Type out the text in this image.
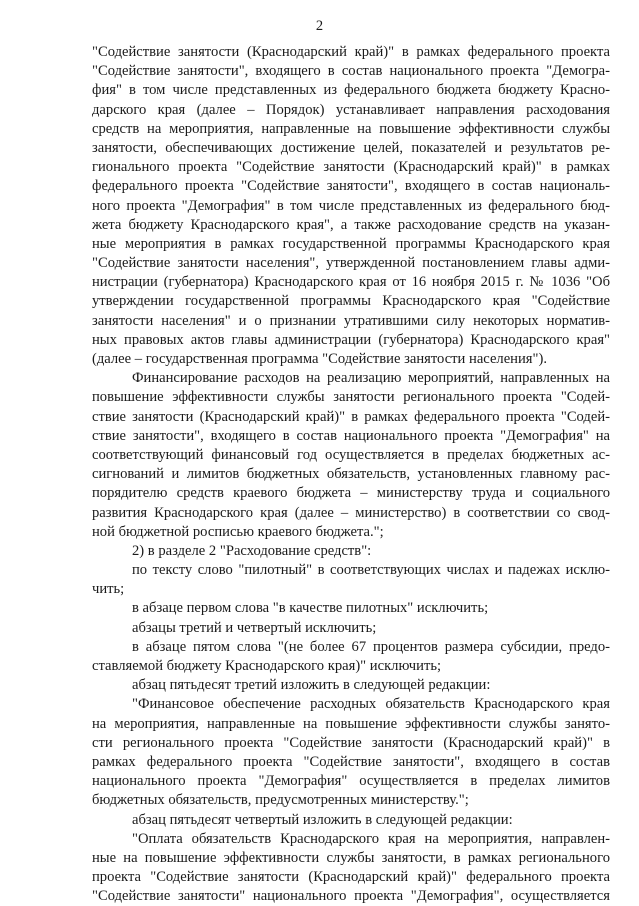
2
"Содействие занятости (Краснодарский край)" в рамках федерального проекта
"Содействие занятости", входящего в состав национального проекта "Демогра-
фия" в том числе представленных из федерального бюджета бюджету Красно-
дарского края (далее – Порядок) устанавливает направления расходования
средств на мероприятия, направленные на повышение эффективности службы
занятости, обеспечивающих достижение целей, показателей и результатов ре-
гионального проекта "Содействие занятости (Краснодарский край)" в рамках
федерального проекта "Содействие занятости", входящего в состав националь-
ного проекта "Демография" в том числе представленных из федерального бюд-
жета бюджету Краснодарского края", а также расходование средств на указан-
ные мероприятия в рамках государственной программы Краснодарского края
"Содействие занятости населения", утвержденной постановлением главы адми-
нистрации (губернатора) Краснодарского края от 16 ноября 2015 г. № 1036 "Об
утверждении государственной программы Краснодарского края "Содействие
занятости населения" и о признании утратившими силу некоторых норматив-
ных правовых актов главы администрации (губернатора) Краснодарского края"
(далее – государственная программа "Содействие занятости населения").
Финансирование расходов на реализацию мероприятий, направленных на
повышение эффективности службы занятости регионального проекта "Содей-
ствие занятости (Краснодарский край)" в рамках федерального проекта "Содей-
ствие занятости", входящего в состав национального проекта "Демография" на
соответствующий финансовый год осуществляется в пределах бюджетных ас-
сигнований и лимитов бюджетных обязательств, установленных главному рас-
порядителю средств краевого бюджета – министерству труда и социального
развития Краснодарского края (далее – министерство) в соответствии со свод-
ной бюджетной росписью краевого бюджета.";
2) в разделе 2 "Расходование средств":
по тексту слово "пилотный" в соответствующих числах и падежах исклю-
чить;
в абзаце первом слова "в качестве пилотных" исключить;
абзацы третий и четвертый исключить;
в абзаце пятом слова "(не более 67 процентов размера субсидии, предо-
ставляемой бюджету Краснодарского края)" исключить;
абзац пятьдесят третий изложить в следующей редакции:
"Финансовое обеспечение расходных обязательств Краснодарского края
на мероприятия, направленные на повышение эффективности службы занято-
сти регионального проекта "Содействие занятости (Краснодарский край)" в
рамках федерального проекта "Содействие занятости", входящего в состав
национального проекта "Демография" осуществляется в пределах лимитов
бюджетных обязательств, предусмотренных министерству.";
абзац пятьдесят четвертый изложить в следующей редакции:
"Оплата обязательств Краснодарского края на мероприятия, направлен-
ные на повышение эффективности службы занятости, в рамках регионального
проекта "Содействие занятости (Краснодарский край)" федерального проекта
"Содействие занятости" национального проекта "Демография", осуществляется
